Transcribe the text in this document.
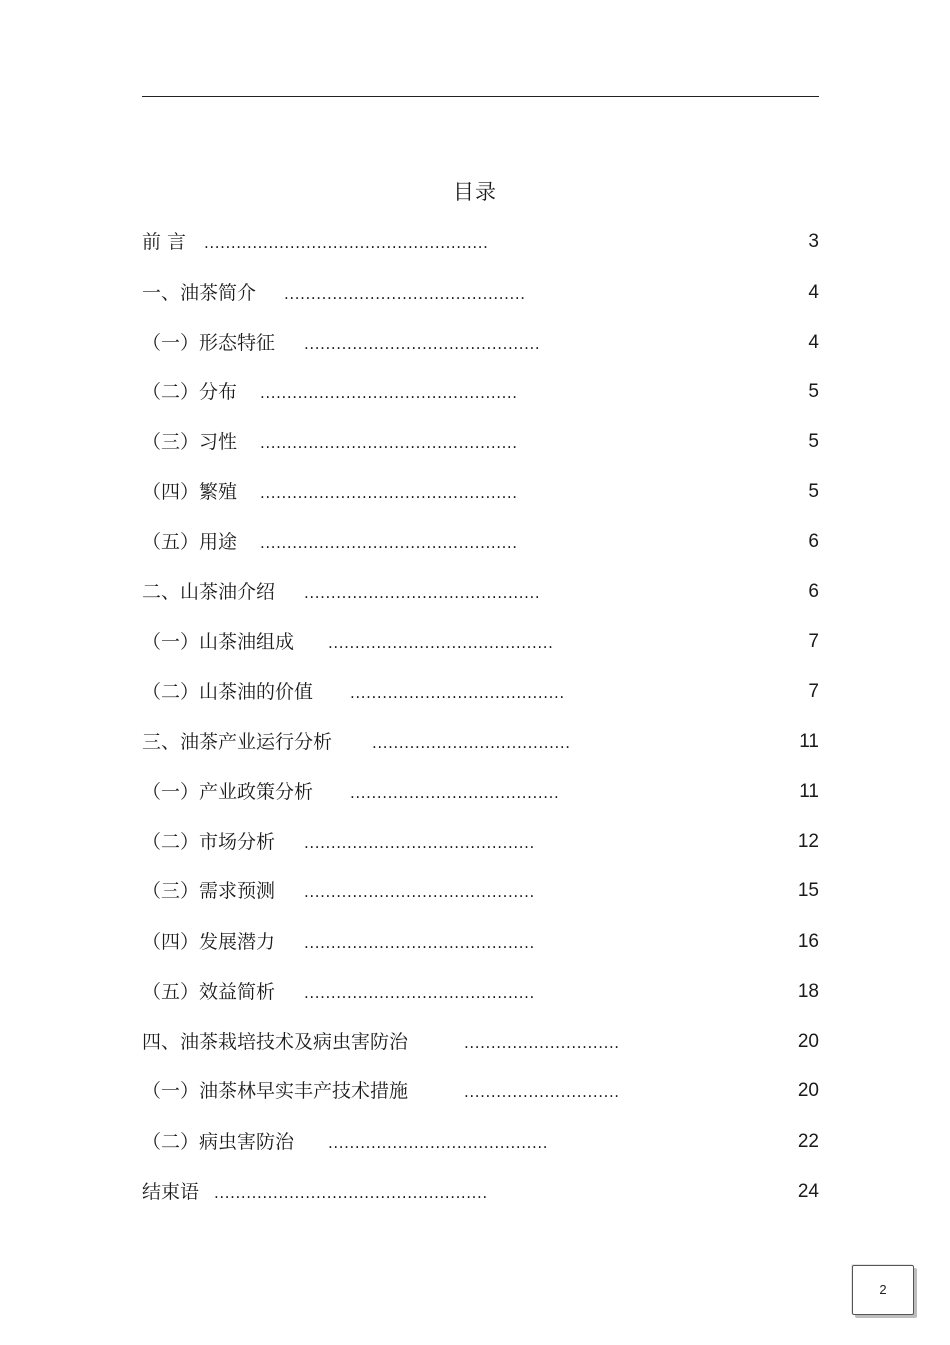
目录
前 言 .....................................................	3
一、油茶简介 .............................................	4
（一）形态特征 ............................................	4
（二）分布 ................................................	5
（三）习性 ................................................	5
（四）繁殖 ................................................	5
（五）用途 ................................................	6
二、山茶油介绍 ............................................	6
（一）山茶油组成 ..........................................	7
（二）山茶油的价值 ........................................	7
三、油茶产业运行分析	.....................................	11
（一）产业政策分析 .......................................	11
（二）市场分析 ...........................................	12
（三）需求预测 ...........................................	15
（四）发展潜力 ...........................................	16
（五）效益简析 ...........................................	18
四、油茶栽培技术及病虫害防治	.............................	20
（一）油茶林早实丰产技术措施	.............................	20
（二）病虫害防治 .........................................	22
结束语 ...................................................	24
2
